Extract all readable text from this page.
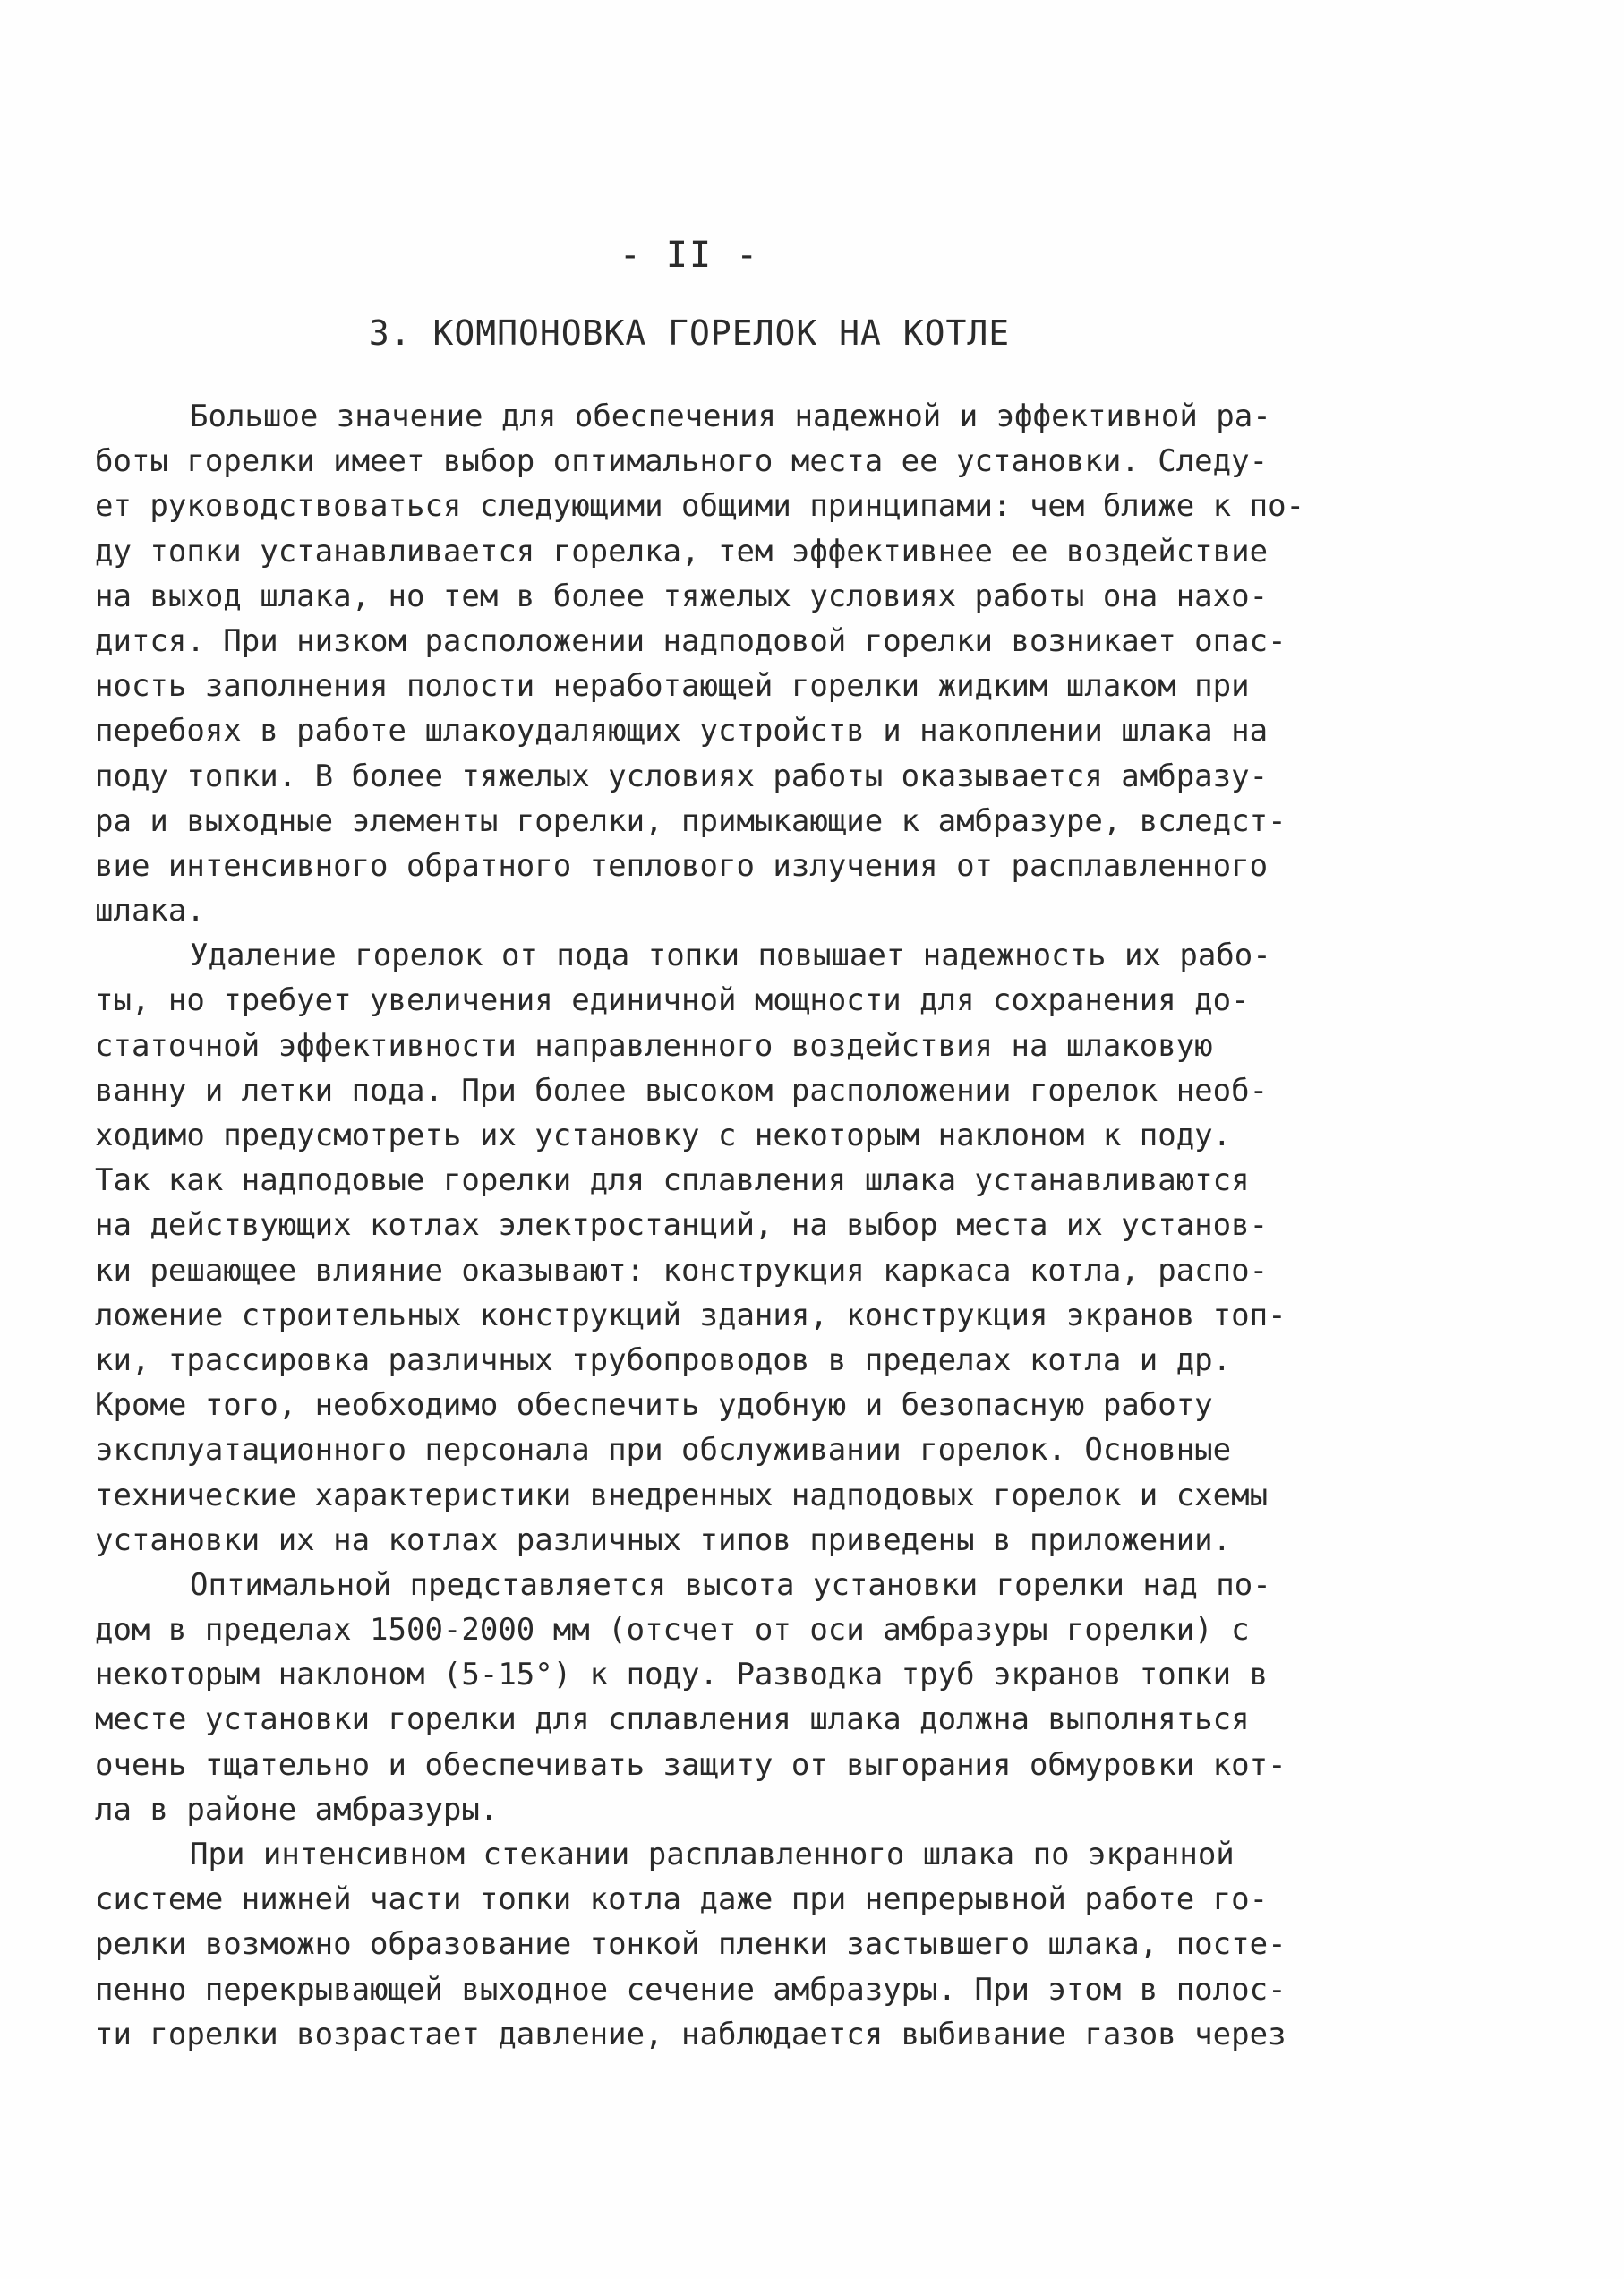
- II -
3. КОМПОНОВКА ГОРЕЛОК НА КОТЛЕ
Большое значение для обеспечения надежной и эффективной ра-
боты горелки имеет выбор оптимального места ее установки. Следу-
ет руководствоваться следующими общими принципами: чем ближе к по-
ду топки устанавливается горелка, тем эффективнее ее воздействие
на выход шлака, но тем в более тяжелых условиях работы она нахо-
дится. При низком расположении надподовой горелки возникает опас-
ность заполнения полости неработающей горелки жидким шлаком при
перебоях в работе шлакоудаляющих устройств и накоплении шлака на
поду топки. В более тяжелых условиях работы оказывается амбразу-
ра и выходные элементы горелки, примыкающие к амбразуре, вследст-
вие интенсивного обратного теплового излучения от расплавленного
шлака.
Удаление горелок от пода топки повышает надежность их рабо-
ты, но требует увеличения единичной мощности для сохранения до-
статочной эффективности направленного воздействия на шлаковую
ванну и летки пода. При более высоком расположении горелок необ-
ходимо предусмотреть их установку с некоторым наклоном к поду.
Так как надподовые горелки для сплавления шлака устанавливаются
на действующих котлах электростанций, на выбор места их установ-
ки решающее влияние оказывают: конструкция каркаса котла, распо-
ложение строительных конструкций здания, конструкция экранов топ-
ки, трассировка различных трубопроводов в пределах котла и др.
Кроме того, необходимо обеспечить удобную и безопасную работу
эксплуатационного персонала при обслуживании горелок. Основные
технические характеристики внедренных надподовых горелок и схемы
установки их на котлах различных типов приведены в приложении.
Оптимальной представляется высота установки горелки над по-
дом в пределах 1500-2000 мм (отсчет от оси амбразуры горелки) с
некоторым наклоном (5-15°) к поду. Разводка труб экранов топки в
месте установки горелки для сплавления шлака должна выполняться
очень тщательно и обеспечивать защиту от выгорания обмуровки кот-
ла в районе амбразуры.
При интенсивном стекании расплавленного шлака по экранной
системе нижней части топки котла даже при непрерывной работе го-
релки возможно образование тонкой пленки застывшего шлака, посте-
пенно перекрывающей выходное сечение амбразуры. При этом в полос-
ти горелки возрастает давление, наблюдается выбивание газов через
